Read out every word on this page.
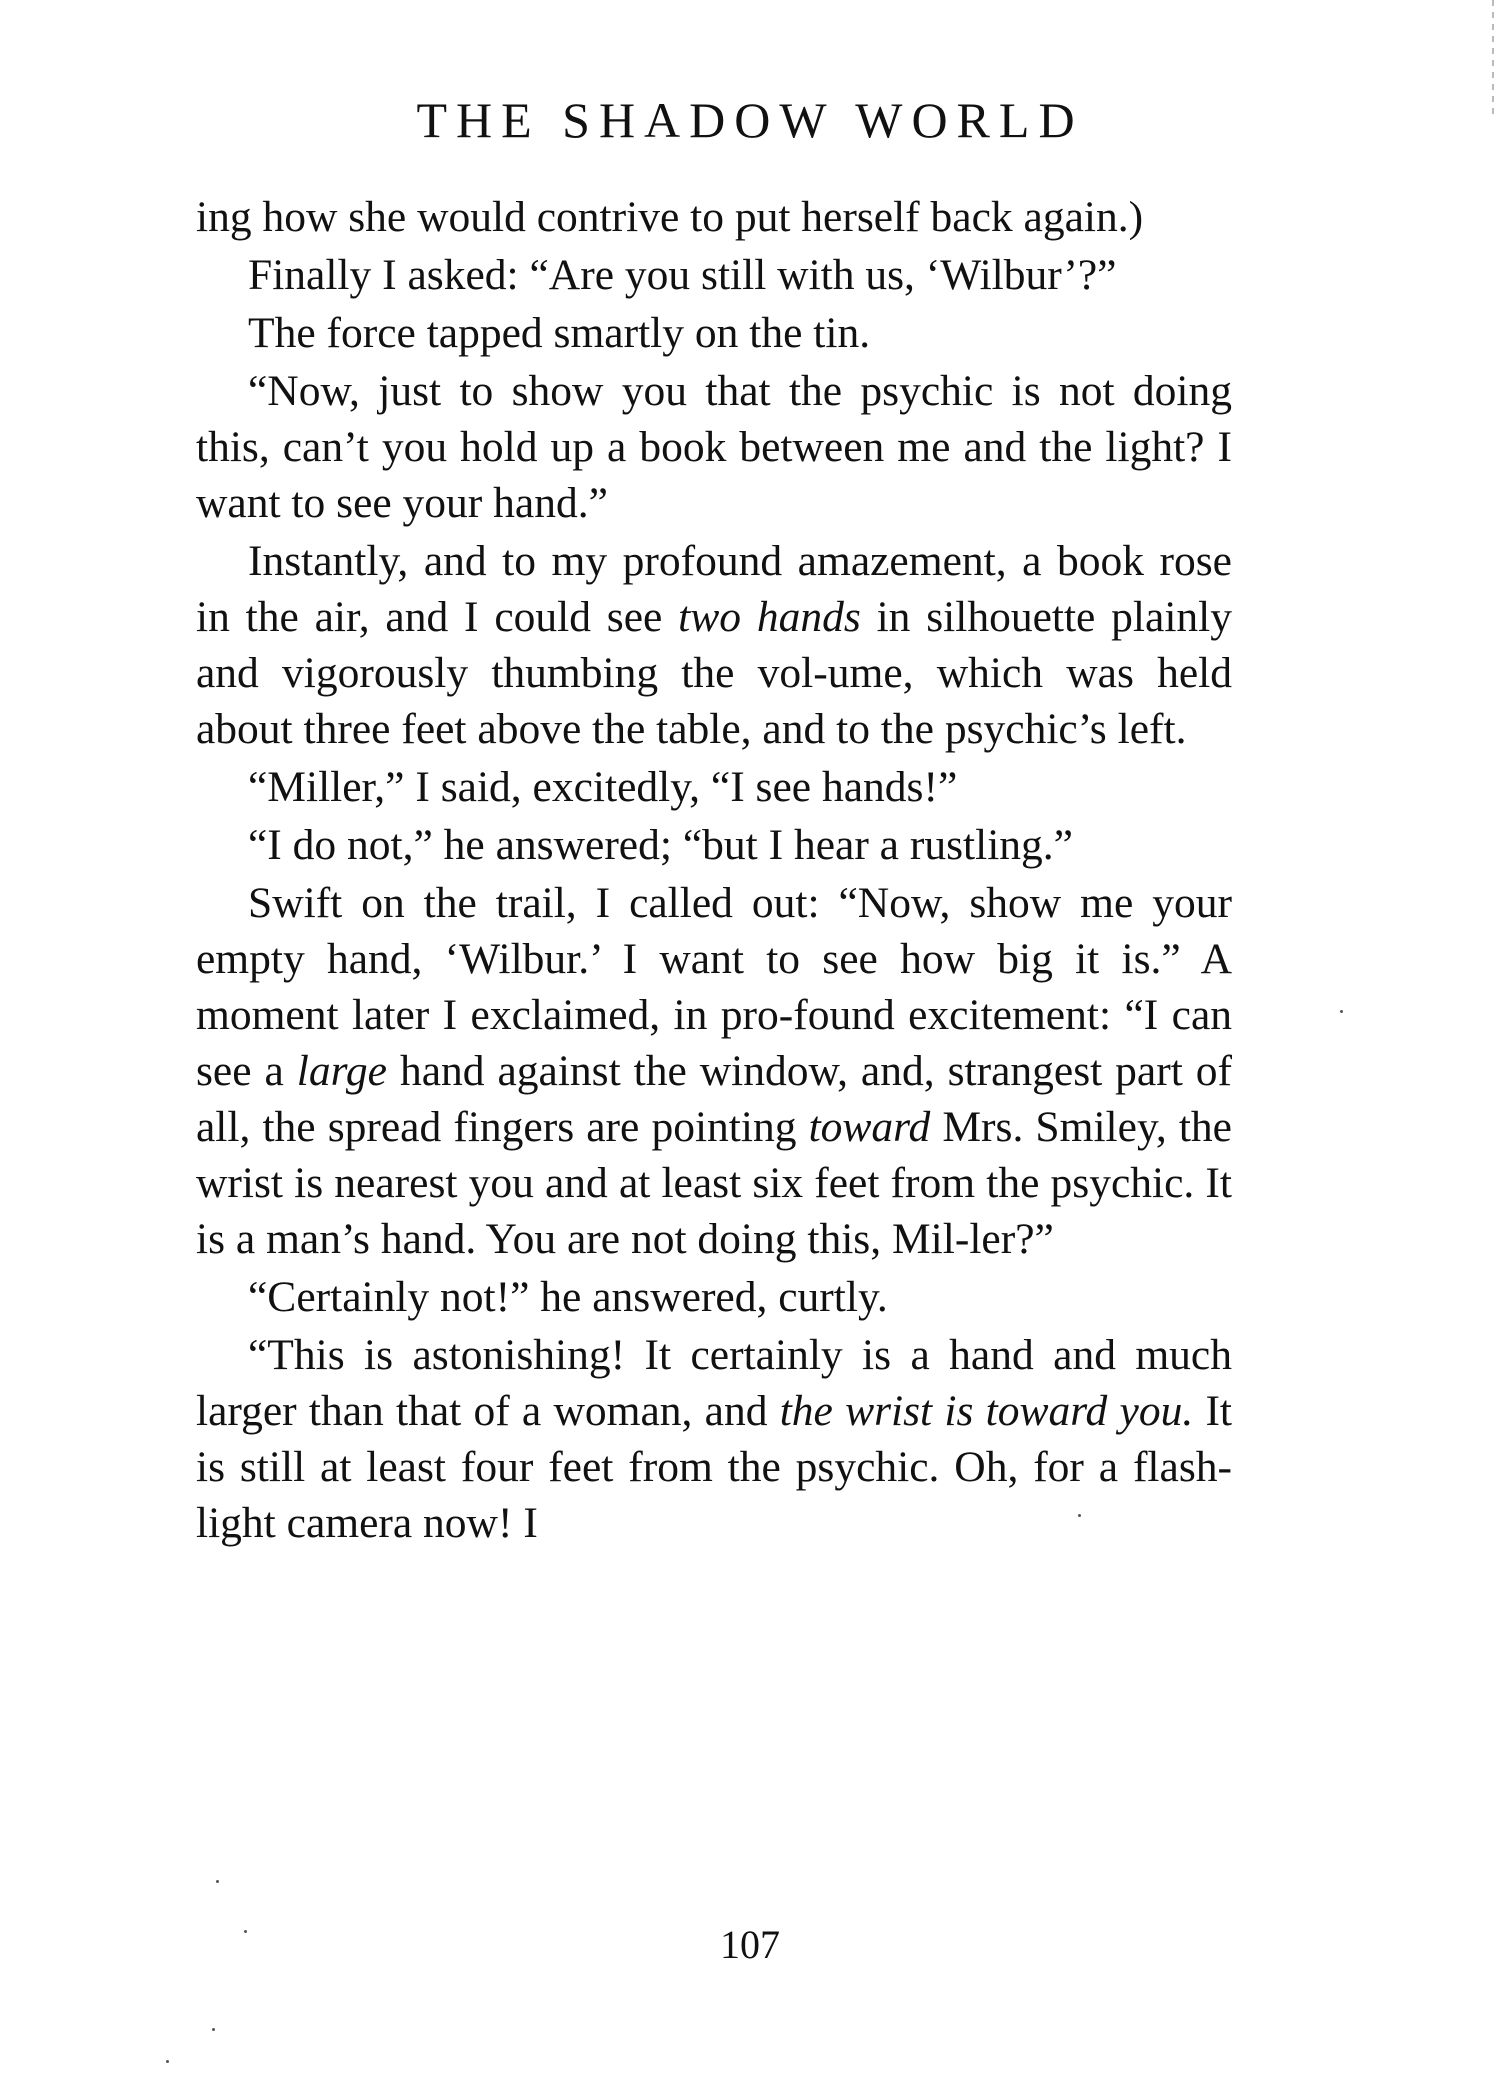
THE SHADOW WORLD

ing how she would contrive to put herself back again.)

Finally I asked: “Are you still with us, ‘Wilbur’?”

The force tapped smartly on the tin.

“Now, just to show you that the psychic is not doing this, can’t you hold up a book between me and the light? I want to see your hand.”

Instantly, and to my profound amazement, a book rose in the air, and I could see two hands in silhouette plainly and vigorously thumbing the vol-ume, which was held about three feet above the table, and to the psychic’s left.

“Miller,” I said, excitedly, “I see hands!”

“I do not,” he answered; “but I hear a rustling.”

Swift on the trail, I called out: “Now, show me your empty hand, ‘Wilbur.’ I want to see how big it is.” A moment later I exclaimed, in pro-found excitement: “I can see a large hand against the window, and, strangest part of all, the spread fingers are pointing toward Mrs. Smiley, the wrist is nearest you and at least six feet from the psychic. It is a man’s hand. You are not doing this, Mil-ler?”

“Certainly not!” he answered, curtly.

“This is astonishing! It certainly is a hand and much larger than that of a woman, and the wrist is toward you. It is still at least four feet from the psychic. Oh, for a flash-light camera now! I

107
